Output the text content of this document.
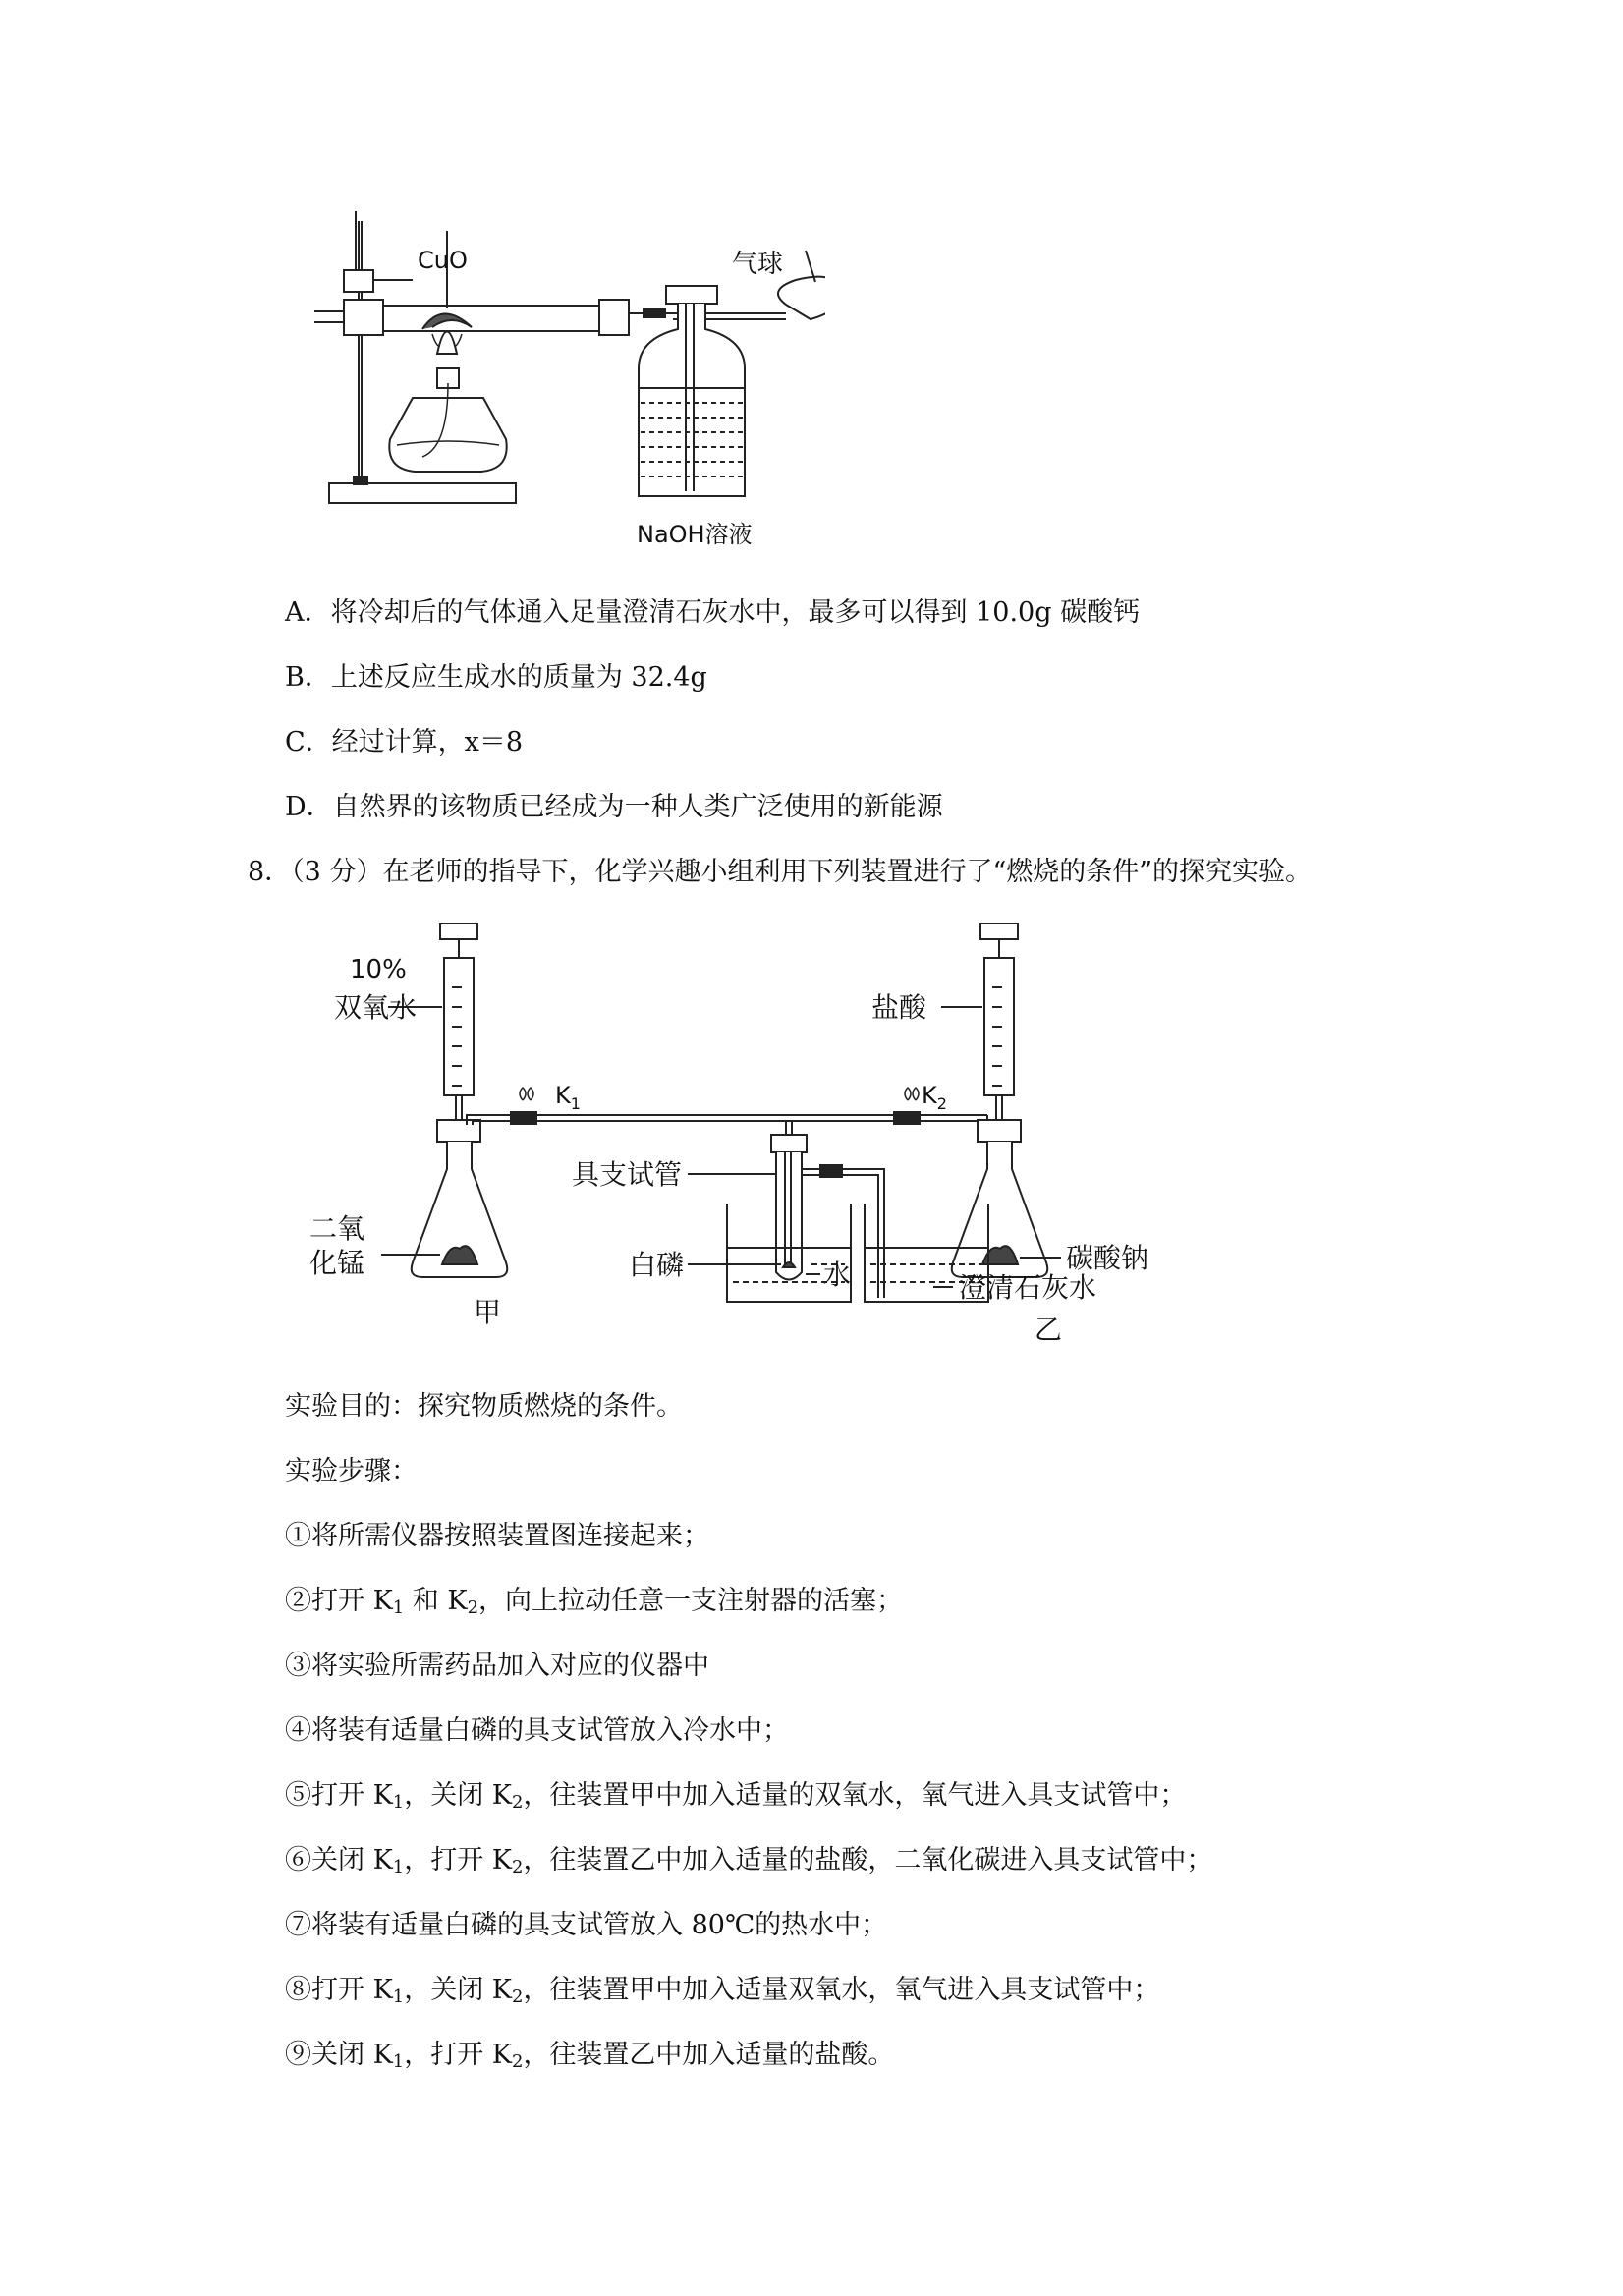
CuO	气球
NaOH溶液
A．将冷却后的气体通入足量澄清石灰水中，最多可以得到 10.0g 碳酸钙
B．上述反应生成水的质量为 32.4g
C．经过计算，x＝8
D．自然界的该物质已经成为一种人类广泛使用的新能源
8．（3 分）在老师的指导下，化学兴趣小组利用下列装置进行了“燃烧的条件”的探究实验。
10%
双氧水
$K_1$
盐酸
$K_2$
具支试管
二氧
化锰
甲
白磷	水	澄清石灰水
乙
碳酸钠
实验目的：探究物质燃烧的条件。
实验步骤：
①将所需仪器按照装置图连接起来；
②打开 $K_1$ 和 $K_2$，向上拉动任意一支注射器的活塞；
③将实验所需药品加入对应的仪器中
④将装有适量白磷的具支试管放入冷水中；
⑤打开 $K_1$，关闭 $K_2$，往装置甲中加入适量的双氧水，氧气进入具支试管中；
⑥关闭 $K_1$，打开 $K_2$，往装置乙中加入适量的盐酸，二氧化碳进入具支试管中；
⑦将装有适量白磷的具支试管放入 80℃的热水中；
⑧打开 $K_1$，关闭 $K_2$，往装置甲中加入适量双氧水，氧气进入具支试管中；
⑨关闭 $K_1$，打开 $K_2$，往装置乙中加入适量的盐酸。
